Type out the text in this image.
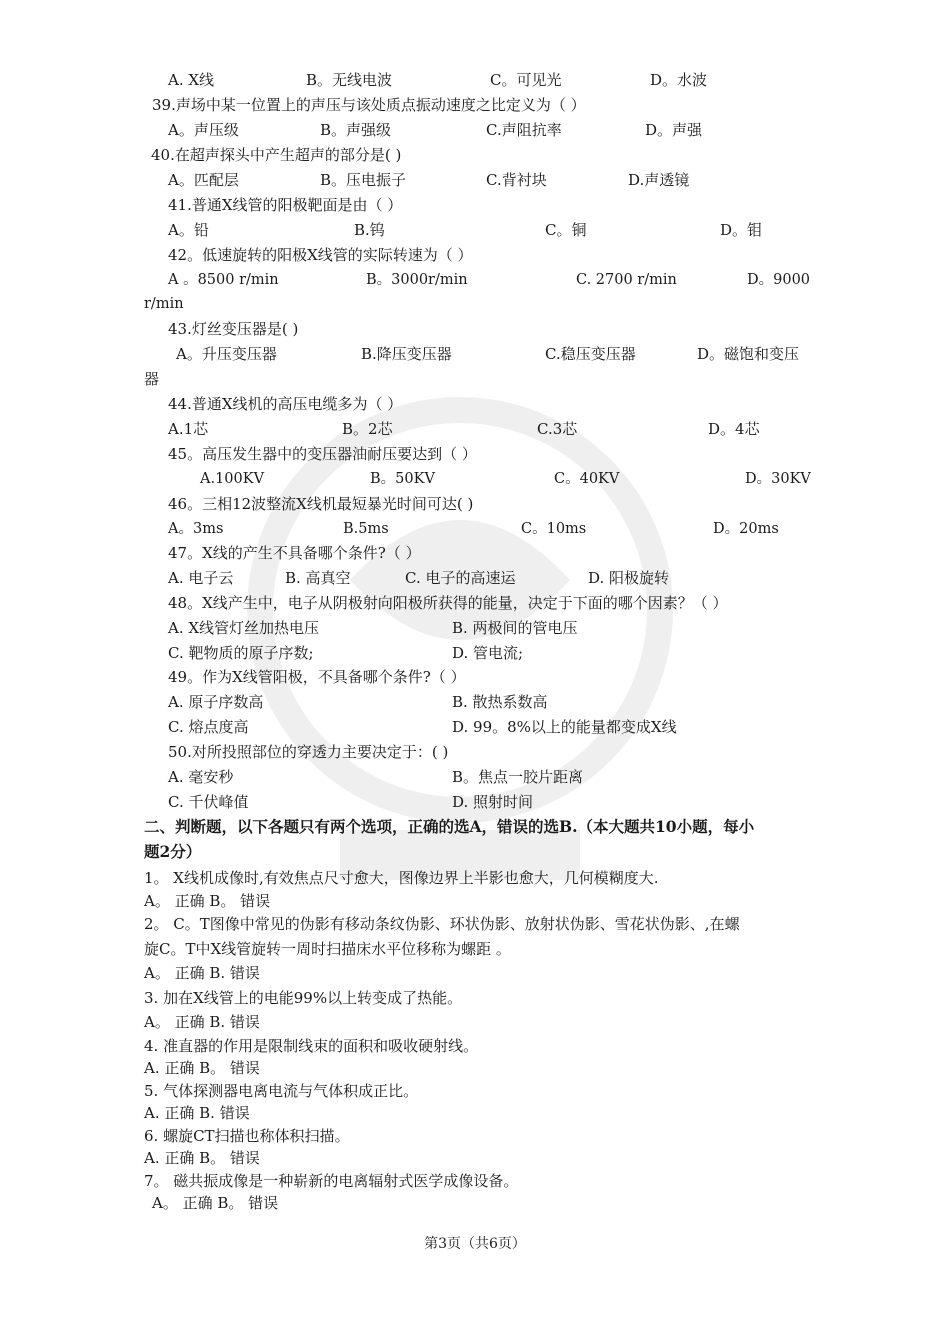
A. X线	B。无线电波	C。可见光	D。水波
39.声场中某一位置上的声压与该处质点振动速度之比定义为（ ）
A。声压级	B。声强级	C.声阻抗率	D。声强
40.在超声探头中产生超声的部分是( )
A。匹配层	B。压电振子	C.背衬块	D.声透镜
41.普通X线管的阳极靶面是由（ ）
A。铅	B.钨	C。铜	D。钼
42。低速旋转的阳极X线管的实际转速为（ ）
A 。8500 r/min	B。3000r/min	C. 2700 r/min	D。9000
r/min
43.灯丝变压器是( )
A。升压变压器	B.降压变压器	C.稳压变压器	D。磁饱和变压
器
44.普通X线机的高压电缆多为（ ）
A.1芯	B。2芯	C.3芯	D。4芯
45。高压发生器中的变压器油耐压要达到（ ）
A.100KV	B。50KV	C。40KV	D。30KV
46。三相12波整流X线机最短暴光时间可达( )
A。3ms	B.5ms	C。10ms	D。20ms
47。X线的产生不具备哪个条件?（ ）
A. 电子云	B. 高真空	C. 电子的高速运	D. 阳极旋转
48。X线产生中，电子从阴极射向阳极所获得的能量，决定于下面的哪个因素？（ ）
A. X线管灯丝加热电压	B. 两极间的管电压
C. 靶物质的原子序数;	D. 管电流;
49。作为X线管阳极，不具备哪个条件?（ ）
A. 原子序数高	B. 散热系数高
C. 熔点度高	D. 99。8%以上的能量都变成X线
50.对所投照部位的穿透力主要决定于：( )
A. 毫安秒	B。焦点一胶片距离
C. 千伏峰值	D. 照射时间
二、判断题，以下各题只有两个选项，正确的选A，错误的选B.（本大题共10小题，每小
题2分）
1。 X线机成像时,有效焦点尺寸愈大，图像边界上半影也愈大，几何模糊度大.
A。 正确 B。 错误
2。 C。T图像中常见的伪影有移动条纹伪影、环状伪影、放射状伪影、雪花状伪影、,在螺
旋C。T中X线管旋转一周时扫描床水平位移称为螺距 。
A。 正确 B. 错误
3. 加在X线管上的电能99%以上转变成了热能。
A。 正确 B. 错误
4. 准直器的作用是限制线束的面积和吸收硬射线。
A. 正确 B。 错误
5. 气体探测器电离电流与气体积成正比。
A. 正确 B. 错误
6. 螺旋CT扫描也称体积扫描。
A. 正确 B。 错误
7。 磁共振成像是一种崭新的电离辐射式医学成像设备。
A。 正确 B。 错误
第3页（共6页）
